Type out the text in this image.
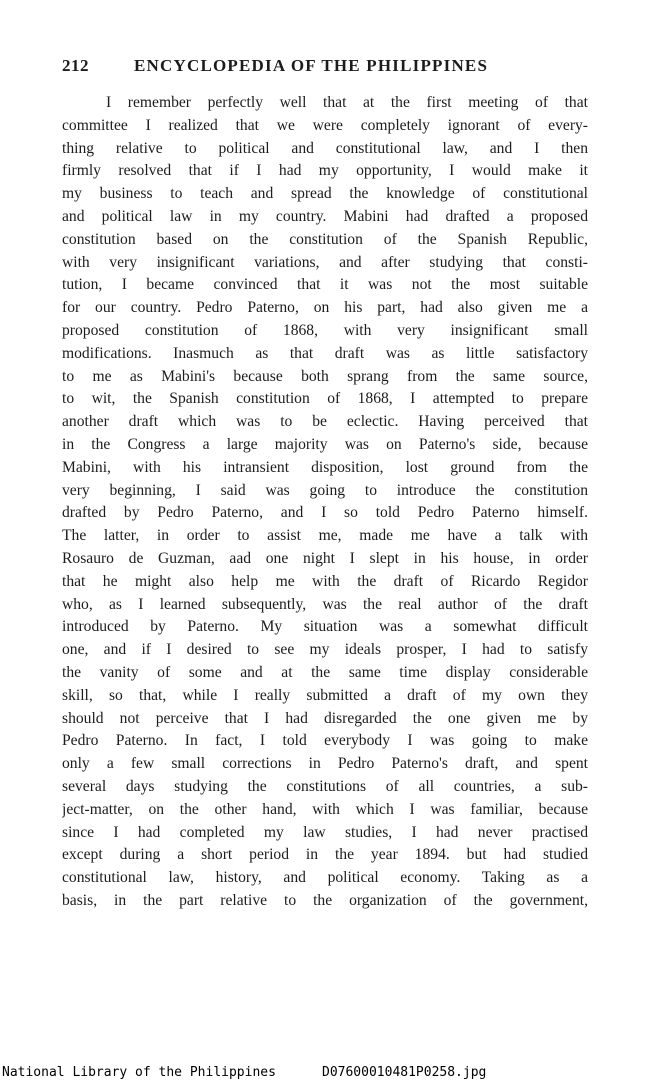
212	ENCYCLOPEDIA OF THE PHILIPPINES
I remember perfectly well that at the first meeting of that
committee I realized that we were completely ignorant of every-
thing relative to political and constitutional law, and I then
firmly resolved that if I had my opportunity, I would make it
my business to teach and spread the knowledge of constitutional
and political law in my country. Mabini had drafted a proposed
constitution based on the constitution of the Spanish Republic,
with very insignificant variations, and after studying that consti-
tution, I became convinced that it was not the most suitable
for our country. Pedro Paterno, on his part, had also given me a
proposed constitution of 1868, with very insignificant small
modifications. Inasmuch as that draft was as little satisfactory
to me as Mabini's because both sprang from the same source,
to wit, the Spanish constitution of 1868, I attempted to prepare
another draft which was to be eclectic. Having perceived that
in the Congress a large majority was on Paterno's side, because
Mabini, with his intransient disposition, lost ground from the
very beginning, I said was going to introduce the constitution
drafted by Pedro Paterno, and I so told Pedro Paterno himself.
The latter, in order to assist me, made me have a talk with
Rosauro de Guzman, aad one night I slept in his house, in order
that he might also help me with the draft of Ricardo Regidor
who, as I learned subsequently, was the real author of the draft
introduced by Paterno. My situation was a somewhat difficult
one, and if I desired to see my ideals prosper, I had to satisfy
the vanity of some and at the same time display considerable
skill, so that, while I really submitted a draft of my own they
should not perceive that I had disregarded the one given me by
Pedro Paterno. In fact, I told everybody I was going to make
only a few small corrections in Pedro Paterno's draft, and spent
several days studying the constitutions of all countries, a sub-
ject-matter, on the other hand, with which I was familiar, because
since I had completed my law studies, I had never practised
except during a short period in the year 1894. but had studied
constitutional law, history, and political economy. Taking as a
basis, in the part relative to the organization of the government,
National Library of the Philippines	D07600010481P0258.jpg
